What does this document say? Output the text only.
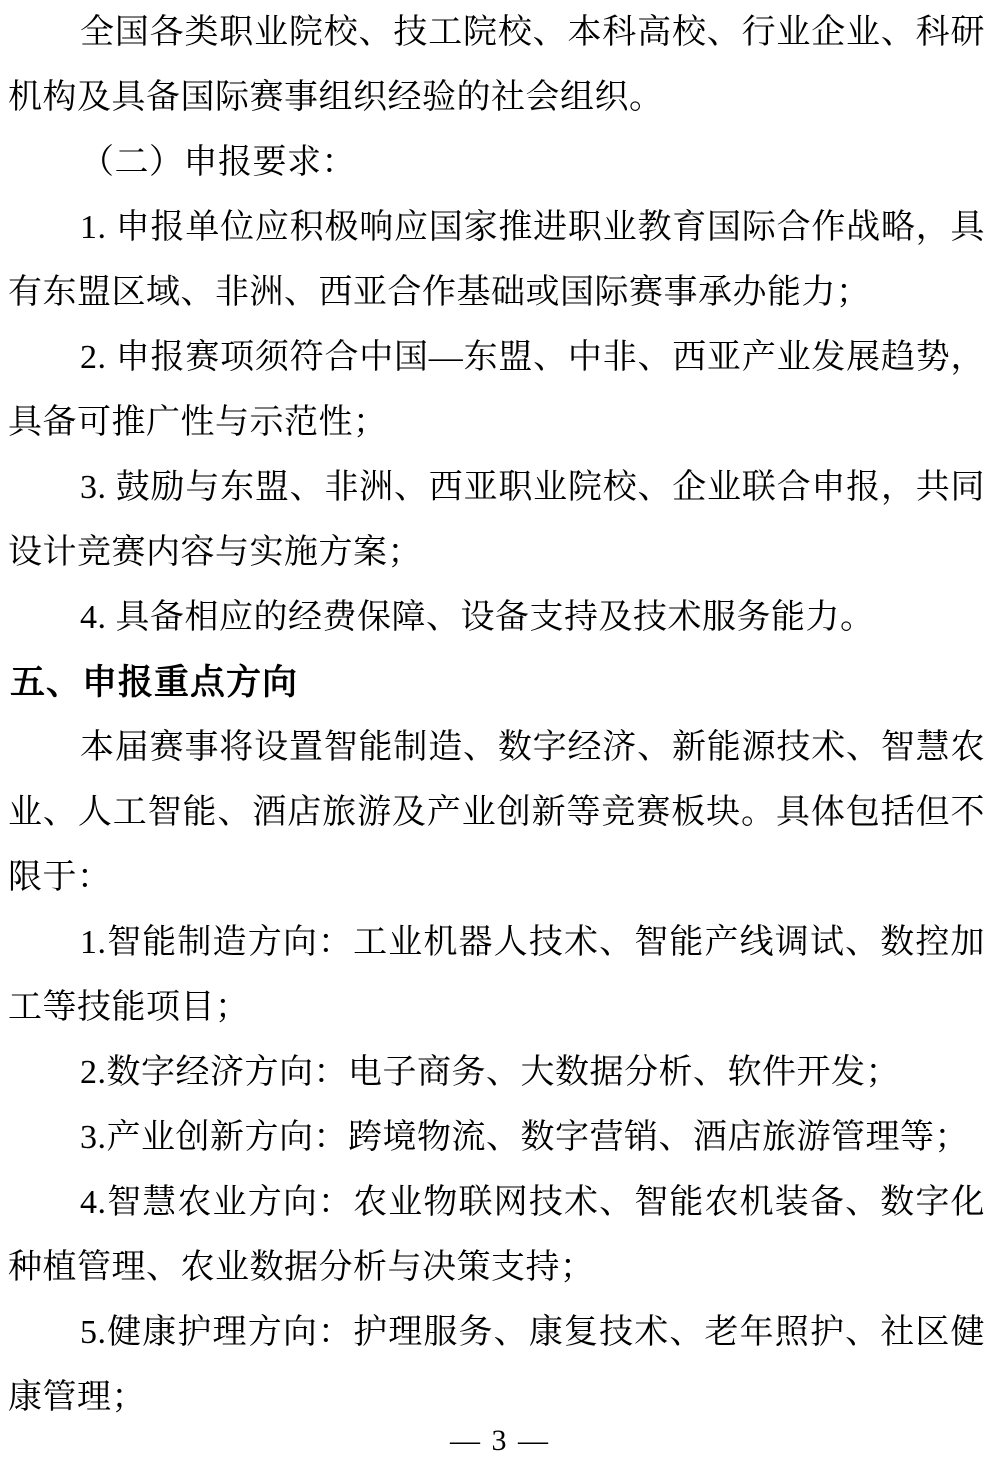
全国各类职业院校、技工院校、本科高校、行业企业、科研机构及具备国际赛事组织经验的社会组织。

（二）申报要求：

1. 申报单位应积极响应国家推进职业教育国际合作战略，具有东盟区域、非洲、西亚合作基础或国际赛事承办能力；

2. 申报赛项须符合中国—东盟、中非、西亚产业发展趋势，具备可推广性与示范性；

3. 鼓励与东盟、非洲、西亚职业院校、企业联合申报，共同设计竞赛内容与实施方案；

4. 具备相应的经费保障、设备支持及技术服务能力。

五、申报重点方向

本届赛事将设置智能制造、数字经济、新能源技术、智慧农业、人工智能、酒店旅游及产业创新等竞赛板块。具体包括但不限于：

1.智能制造方向：工业机器人技术、智能产线调试、数控加工等技能项目；

2.数字经济方向：电子商务、大数据分析、软件开发；

3.产业创新方向：跨境物流、数字营销、酒店旅游管理等；

4.智慧农业方向：农业物联网技术、智能农机装备、数字化种植管理、农业数据分析与决策支持；

5.健康护理方向：护理服务、康复技术、老年照护、社区健康管理；

— 3 —
